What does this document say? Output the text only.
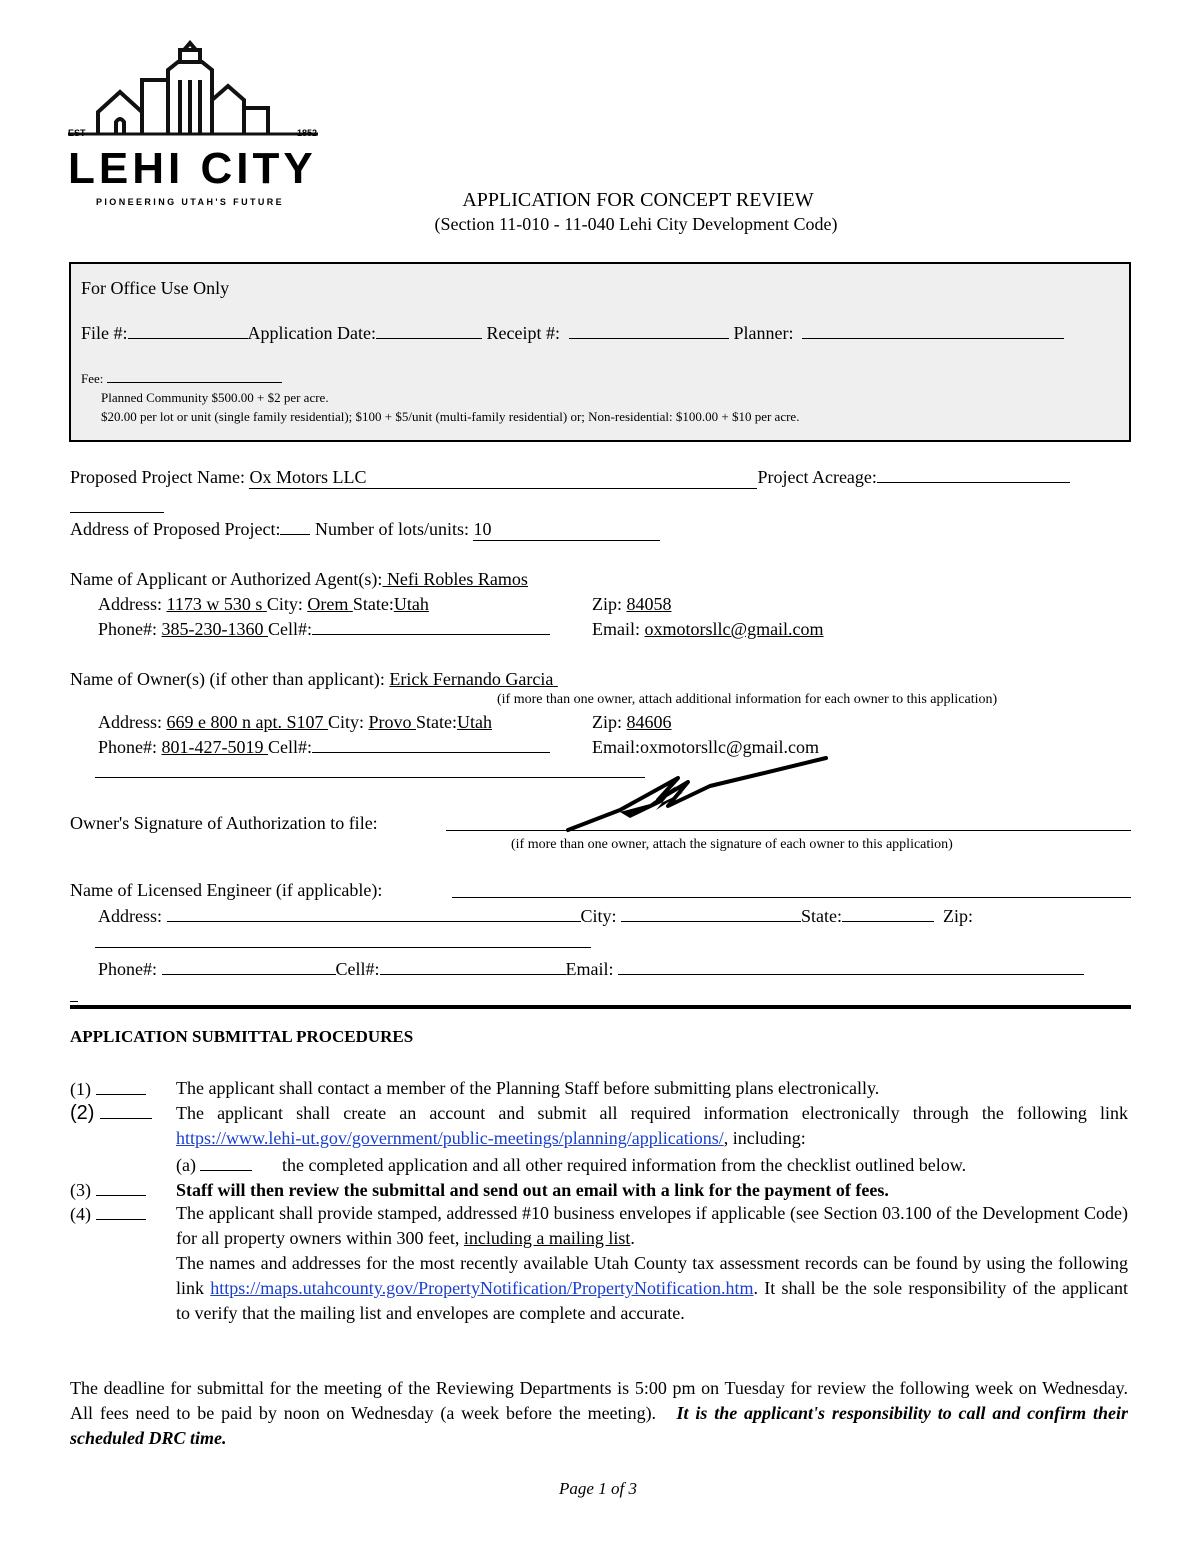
EST	1852
LEHI CITY
PIONEERING UTAH'S FUTURE	APPLICATION FOR CONCEPT REVIEW
(Section 11-010 - 11-040 Lehi City Development Code)
For Office Use Only
File #:	Application Date:	Receipt #:	Planner:
Fee:
Planned Community $500.00 + $2 per acre.
$20.00 per lot or unit (single family residential); $100 + $5/unit (multi-family residential) or; Non-residential: $100.00 + $10 per acre.
Proposed Project Name: Ox Motors LLC	Project Acreage:
Address of Proposed Project: Number of lots/units: 10
Name of Applicant or Authorized Agent(s): Nefi Robles Ramos
Address: 1173 w 530 s City: Orem State:Utah	Zip: 84058
Phone#: 385-230-1360 Cell#:	Email: oxmotorsllc@gmail.com
Name of Owner(s) (if other than applicant): Erick Fernando Garcia
(if more than one owner, attach additional information for each owner to this application)
Address: 669 e 800 n apt. S107 City: Provo State:Utah	Zip: 84606
Phone#: 801-427-5019 Cell#:	Email:oxmotorsllc@gmail.com
Owner's Signature of Authorization to file:
(if more than one owner, attach the signature of each owner to this application)
Name of Licensed Engineer (if applicable):
Address:	City:	State:	Zip:
Phone#:	Cell#:	Email:
APPLICATION SUBMITTAL PROCEDURES
(1)	The applicant shall contact a member of the Planning Staff before submitting plans electronically.
(2)	The applicant shall create an account and submit all required information electronically through the following link https://www.lehi-ut.gov/government/public-meetings/planning/applications/, including:
(a)	the completed application and all other required information from the checklist outlined below.
(3)	Staff will then review the submittal and send out an email with a link for the payment of fees.
(4)	The applicant shall provide stamped, addressed #10 business envelopes if applicable (see Section 03.100 of the Development Code) for all property owners within 300 feet, including a mailing list.
The names and addresses for the most recently available Utah County tax assessment records can be found by using the following link https://maps.utahcounty.gov/PropertyNotification/PropertyNotification.htm. It shall be the sole responsibility of the applicant to verify that the mailing list and envelopes are complete and accurate.
The deadline for submittal for the meeting of the Reviewing Departments is 5:00 pm on Tuesday for review the following week on Wednesday. All fees need to be paid by noon on Wednesday (a week before the meeting). It is the applicant's responsibility to call and confirm their scheduled DRC time.
Page 1 of 3
